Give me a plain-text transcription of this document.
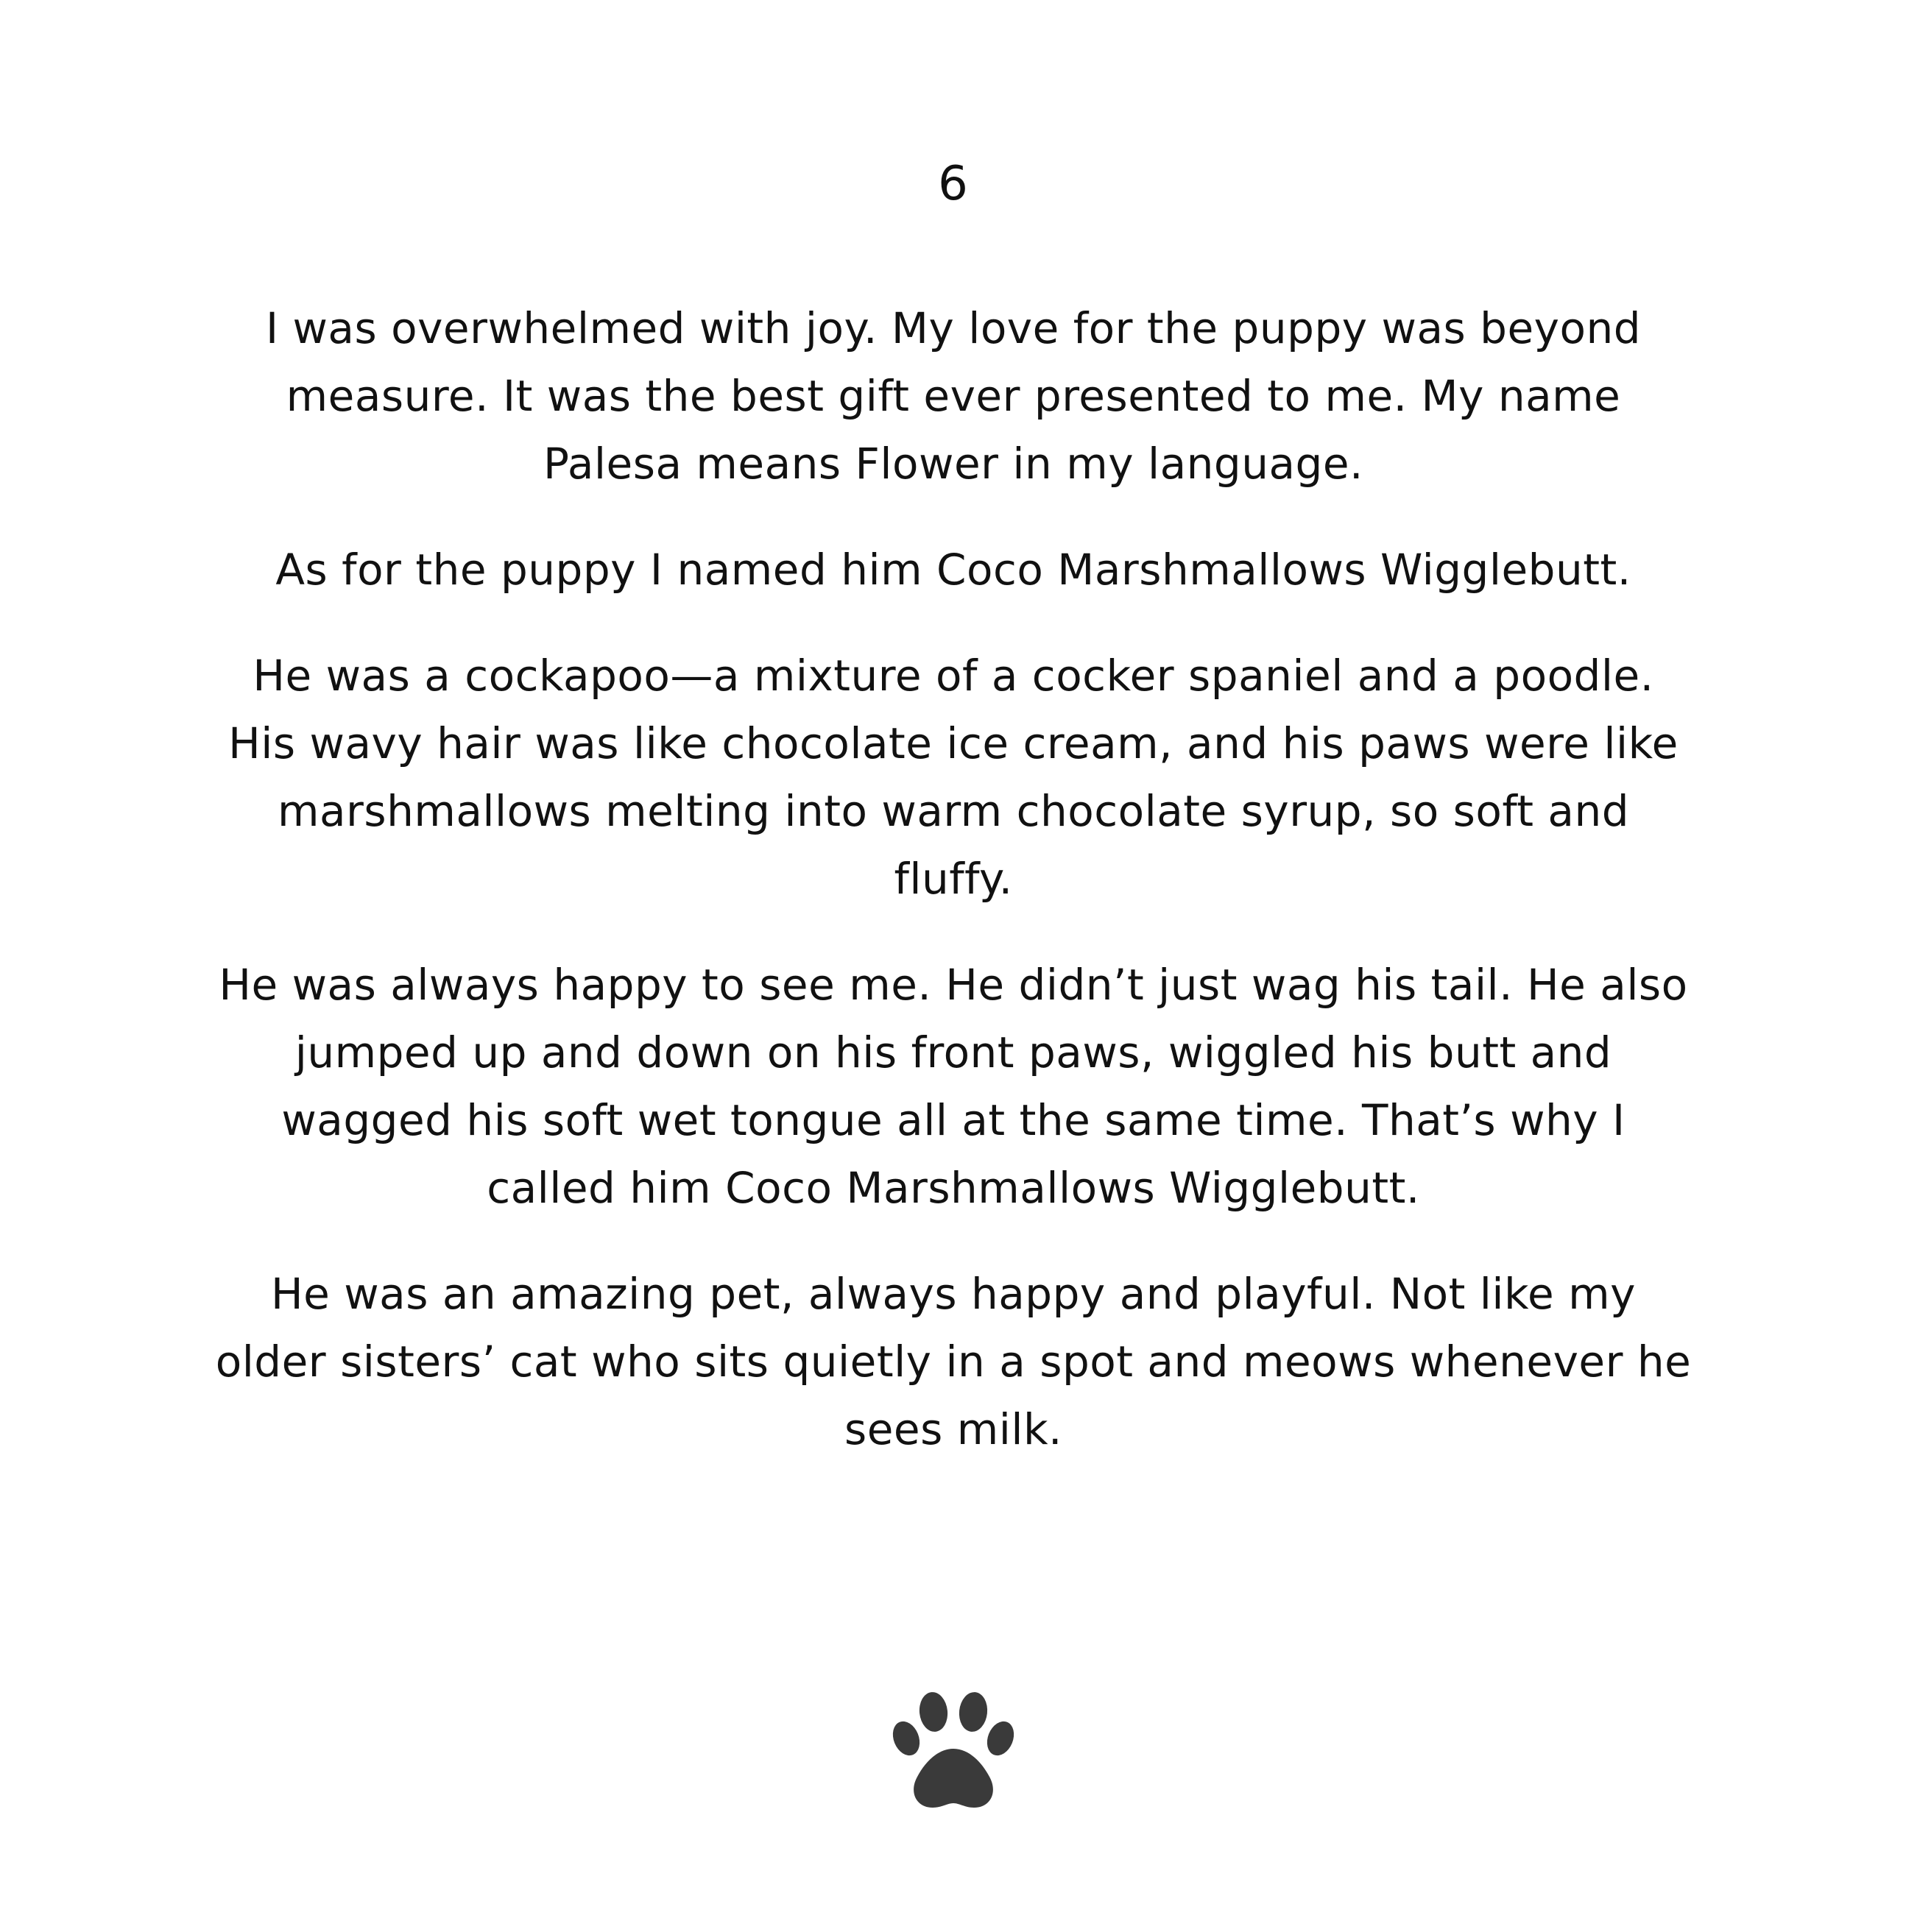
6

I was overwhelmed with joy. My love for the puppy was beyond measure. It was the best gift ever presented to me. My name Palesa means Flower in my language.

As for the puppy I named him Coco Marshmallows Wigglebutt.

He was a cockapoo—a mixture of a cocker spaniel and a poodle. His wavy hair was like chocolate ice cream, and his paws were like marshmallows melting into warm chocolate syrup, so soft and fluffy.

He was always happy to see me. He didn’t just wag his tail. He also jumped up and down on his front paws, wiggled his butt and wagged his soft wet tongue all at the same time. That’s why I called him Coco Marshmallows Wigglebutt.

He was an amazing pet, always happy and playful. Not like my older sisters’ cat who sits quietly in a spot and meows whenever he sees milk.
